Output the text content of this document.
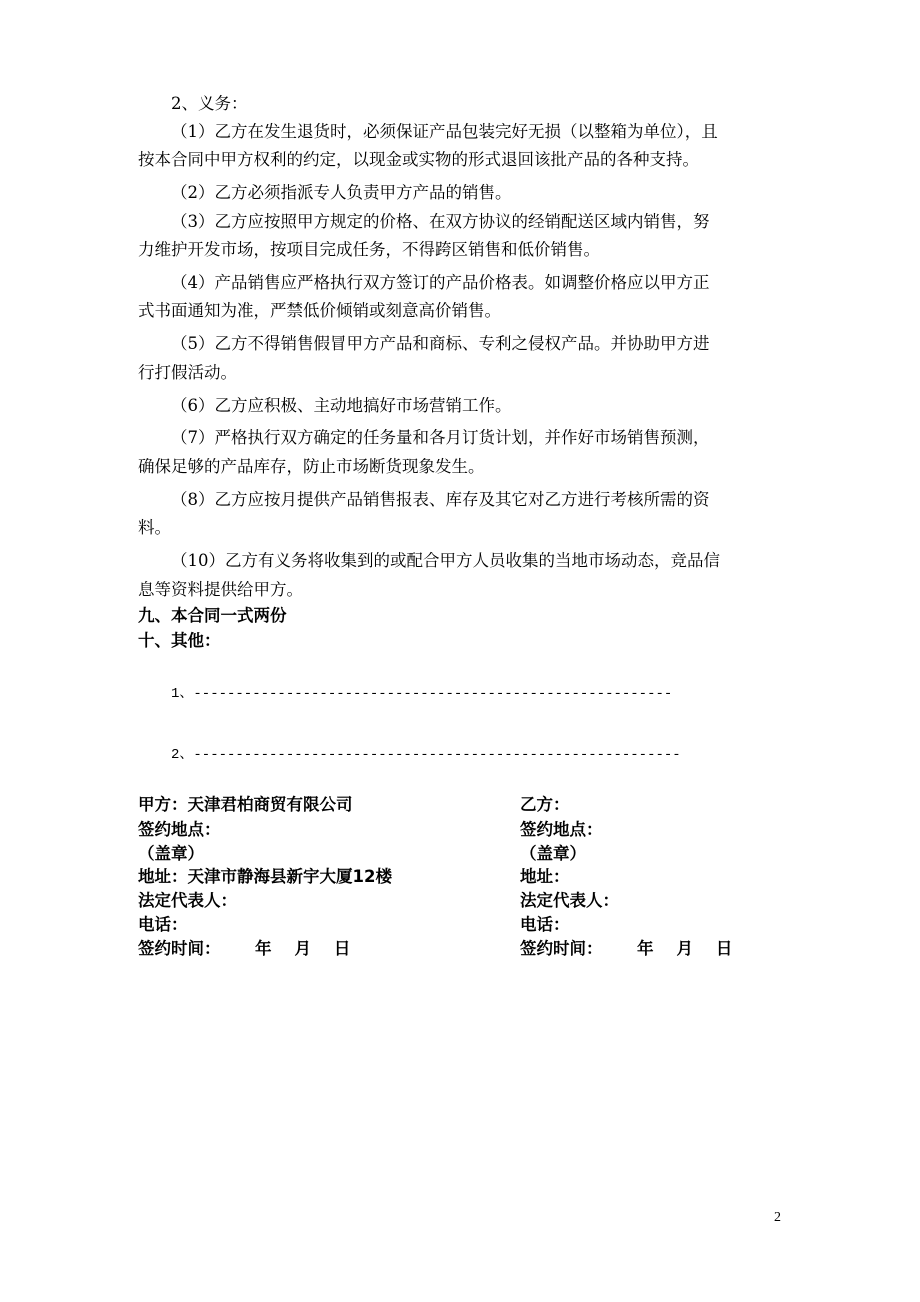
2、义务：
（1）乙方在发生退货时，必须保证产品包装完好无损（以整箱为单位），且
按本合同中甲方权利的约定，以现金或实物的形式退回该批产品的各种支持。
（2）乙方必须指派专人负责甲方产品的销售。
（3）乙方应按照甲方规定的价格、在双方协议的经销配送区域内销售，努
力维护开发市场，按项目完成任务，不得跨区销售和低价销售。
（4）产品销售应严格执行双方签订的产品价格表。如调整价格应以甲方正
式书面通知为准，严禁低价倾销或刻意高价销售。
（5）乙方不得销售假冒甲方产品和商标、专利之侵权产品。并协助甲方进
行打假活动。
（6）乙方应积极、主动地搞好市场营销工作。
（7）严格执行双方确定的任务量和各月订货计划，并作好市场销售预测，
确保足够的产品库存，防止市场断货现象发生。
（8）乙方应按月提供产品销售报表、库存及其它对乙方进行考核所需的资
料。
（10）乙方有义务将收集到的或配合甲方人员收集的当地市场动态，竞品信
息等资料提供给甲方。
九、本合同一式两份
十、其他：
1、---------------------------------------------------------
2、----------------------------------------------------------
甲方：天津君柏商贸有限公司
签约地点：
（盖章）
地址：天津市静海县新宇大厦12楼
法定代表人：
电话：
签约时间：      年    月    日
乙方：
签约地点：
（盖章）
地址：
法定代表人：
电话：
签约时间：      年    月    日
2
